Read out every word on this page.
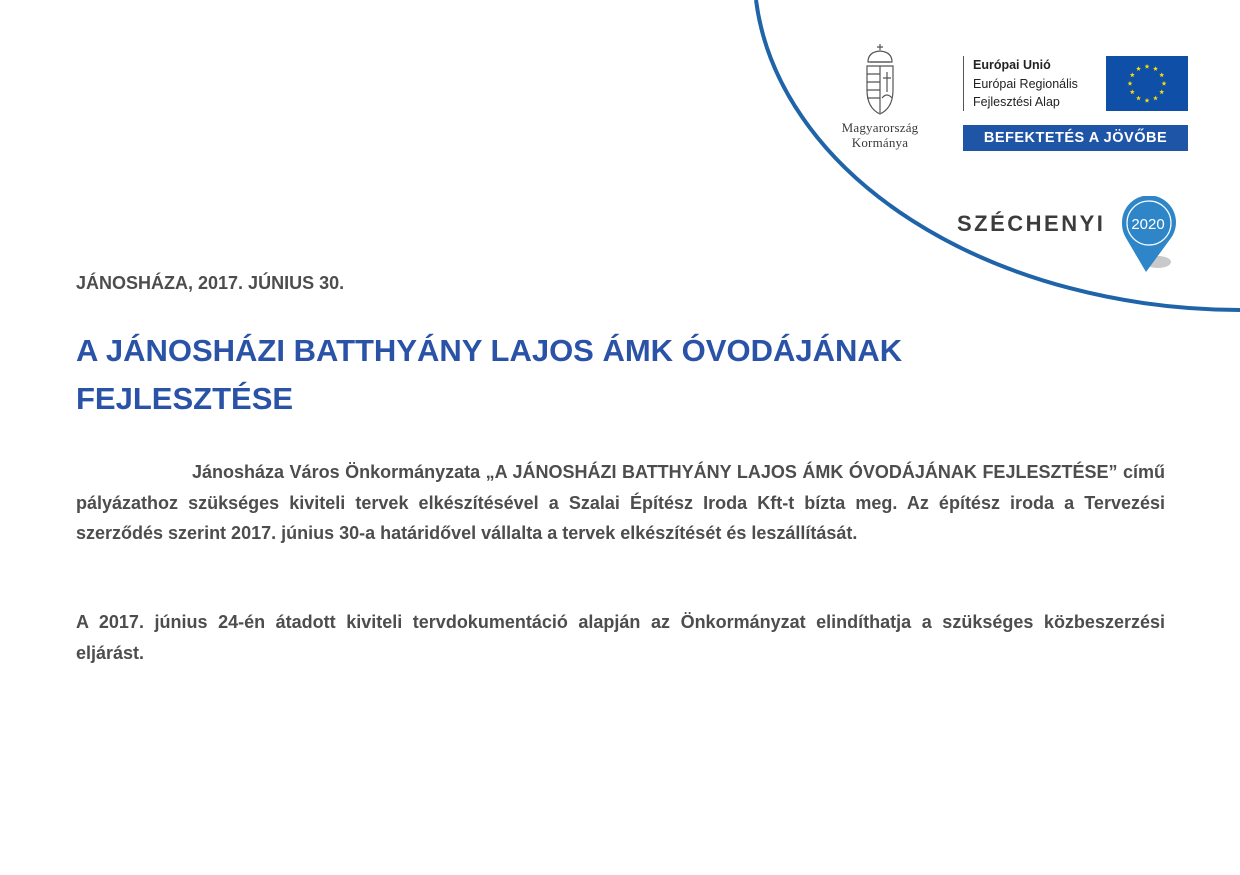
Magyarország
Kormánya
Európai Unió
Európai Regionális
Fejlesztési Alap
BEFEKTETÉS A JÖVŐBE
SZÉCHENYI	2020
JÁNOSHÁZA, 2017. JÚNIUS 30.
A JÁNOSHÁZI BATTHYÁNY LAJOS ÁMK ÓVODÁJÁNAK FEJLESZTÉSE

Jánosháza Város Önkormányzata „A JÁNOSHÁZI BATTHYÁNY LAJOS ÁMK ÓVODÁJÁNAK FEJLESZTÉSE” című pályázathoz szükséges kiviteli tervek elkészítésével a Szalai Építész Iroda Kft-t bízta meg. Az építész iroda a Tervezési szerződés szerint 2017. június 30-a határidővel vállalta a tervek elkészítését és leszállítását.

A 2017. június 24-én átadott kiviteli tervdokumentáció alapján az Önkormányzat elindíthatja a szükséges közbeszerzési eljárást.
